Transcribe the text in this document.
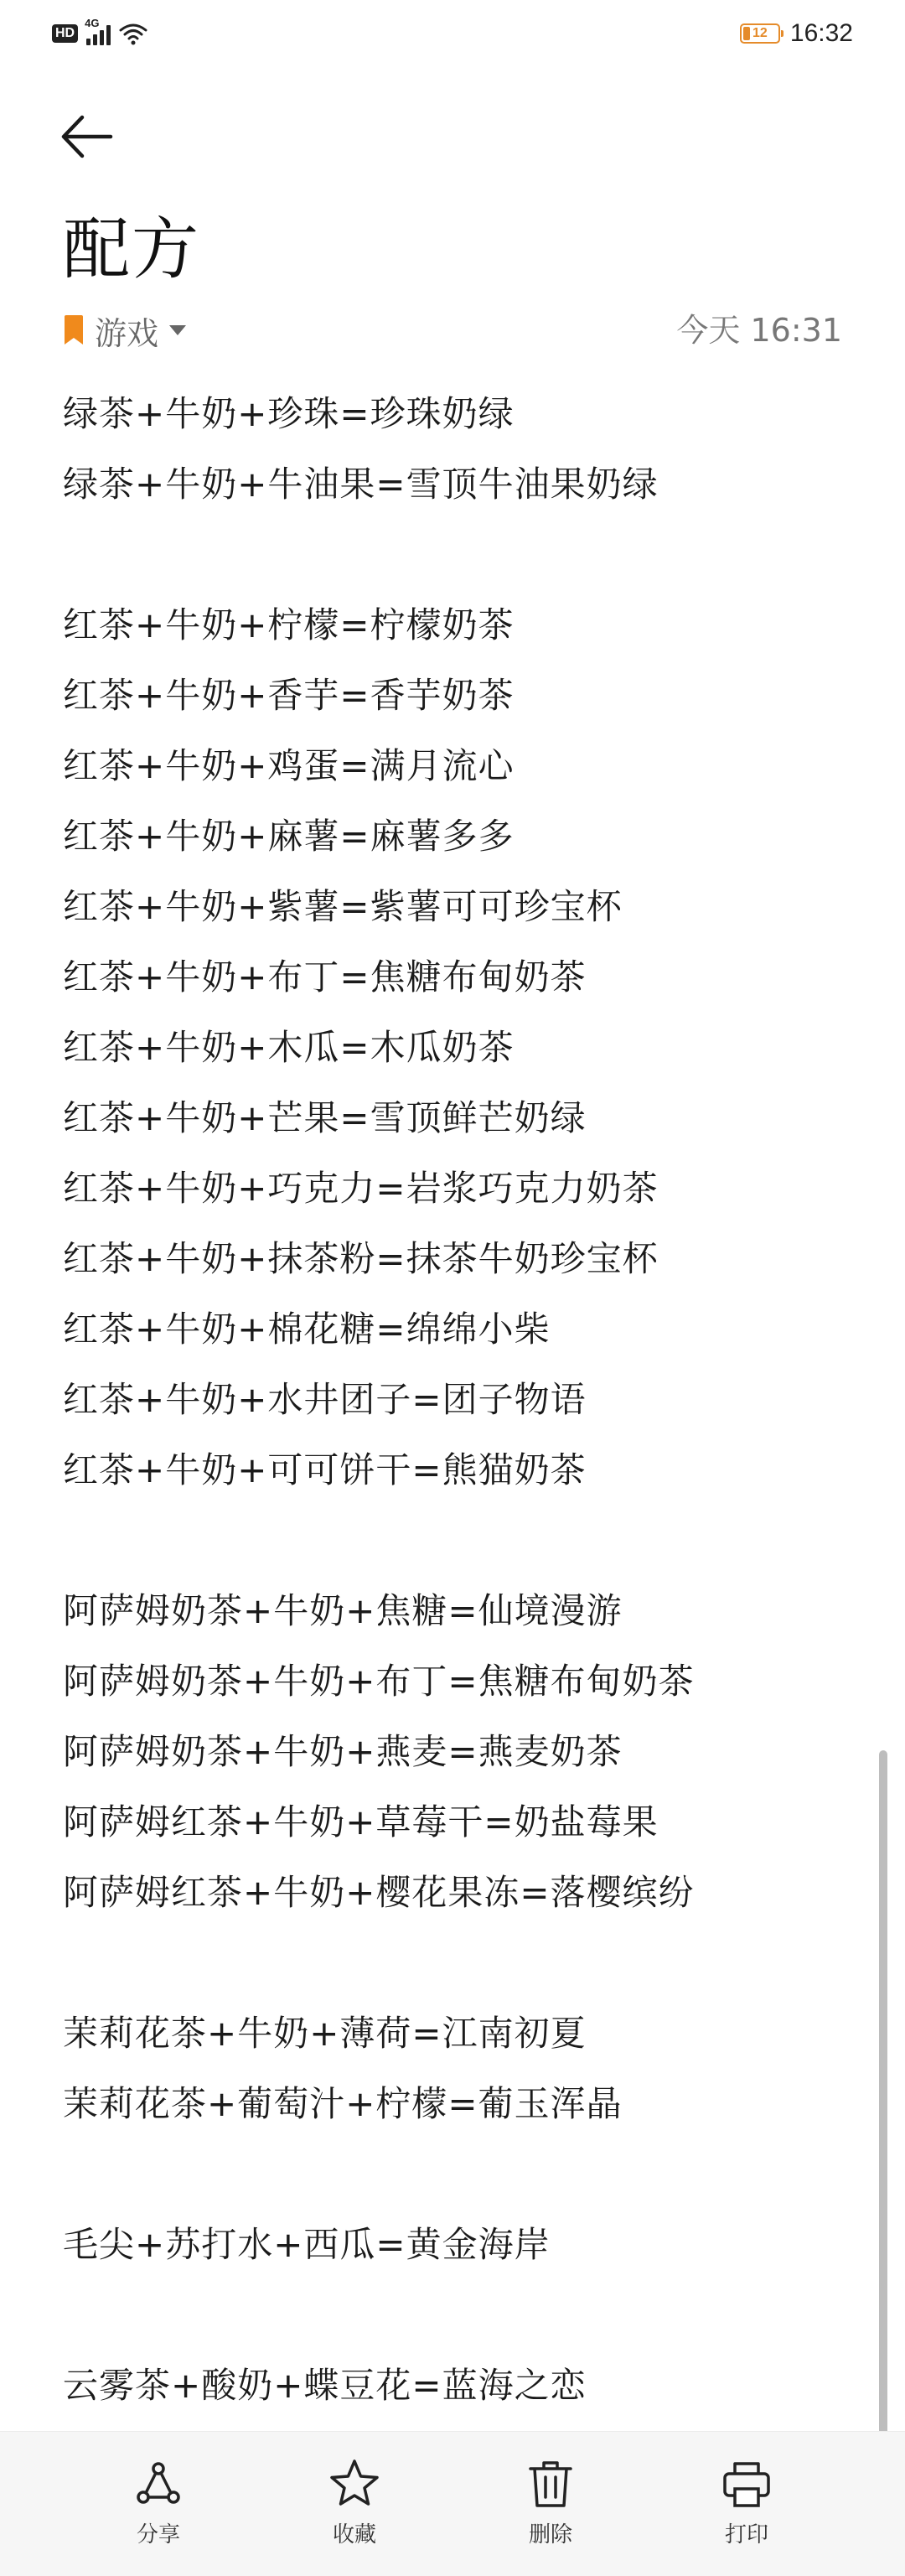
HD
4G
12 16:32
配方
游戏	今天 16:31
绿茶+牛奶+珍珠=珍珠奶绿
绿茶+牛奶+牛油果=雪顶牛油果奶绿
红茶+牛奶+柠檬=柠檬奶茶
红茶+牛奶+香芋=香芋奶茶
红茶+牛奶+鸡蛋=满月流心
红茶+牛奶+麻薯=麻薯多多
红茶+牛奶+紫薯=紫薯可可珍宝杯
红茶+牛奶+布丁=焦糖布甸奶茶
红茶+牛奶+木瓜=木瓜奶茶
红茶+牛奶+芒果=雪顶鲜芒奶绿
红茶+牛奶+巧克力=岩浆巧克力奶茶
红茶+牛奶+抹茶粉=抹茶牛奶珍宝杯
红茶+牛奶+棉花糖=绵绵小柴
红茶+牛奶+水井团子=团子物语
红茶+牛奶+可可饼干=熊猫奶茶
阿萨姆奶茶+牛奶+焦糖=仙境漫游
阿萨姆奶茶+牛奶+布丁=焦糖布甸奶茶
阿萨姆奶茶+牛奶+燕麦=燕麦奶茶
阿萨姆红茶+牛奶+草莓干=奶盐莓果
阿萨姆红茶+牛奶+樱花果冻=落樱缤纷
茉莉花茶+牛奶+薄荷=江南初夏
茉莉花茶+葡萄汁+柠檬=葡玉浑晶
毛尖+苏打水+西瓜=黄金海岸
云雾茶+酸奶+蝶豆花=蓝海之恋
分享	收藏	删除	打印
